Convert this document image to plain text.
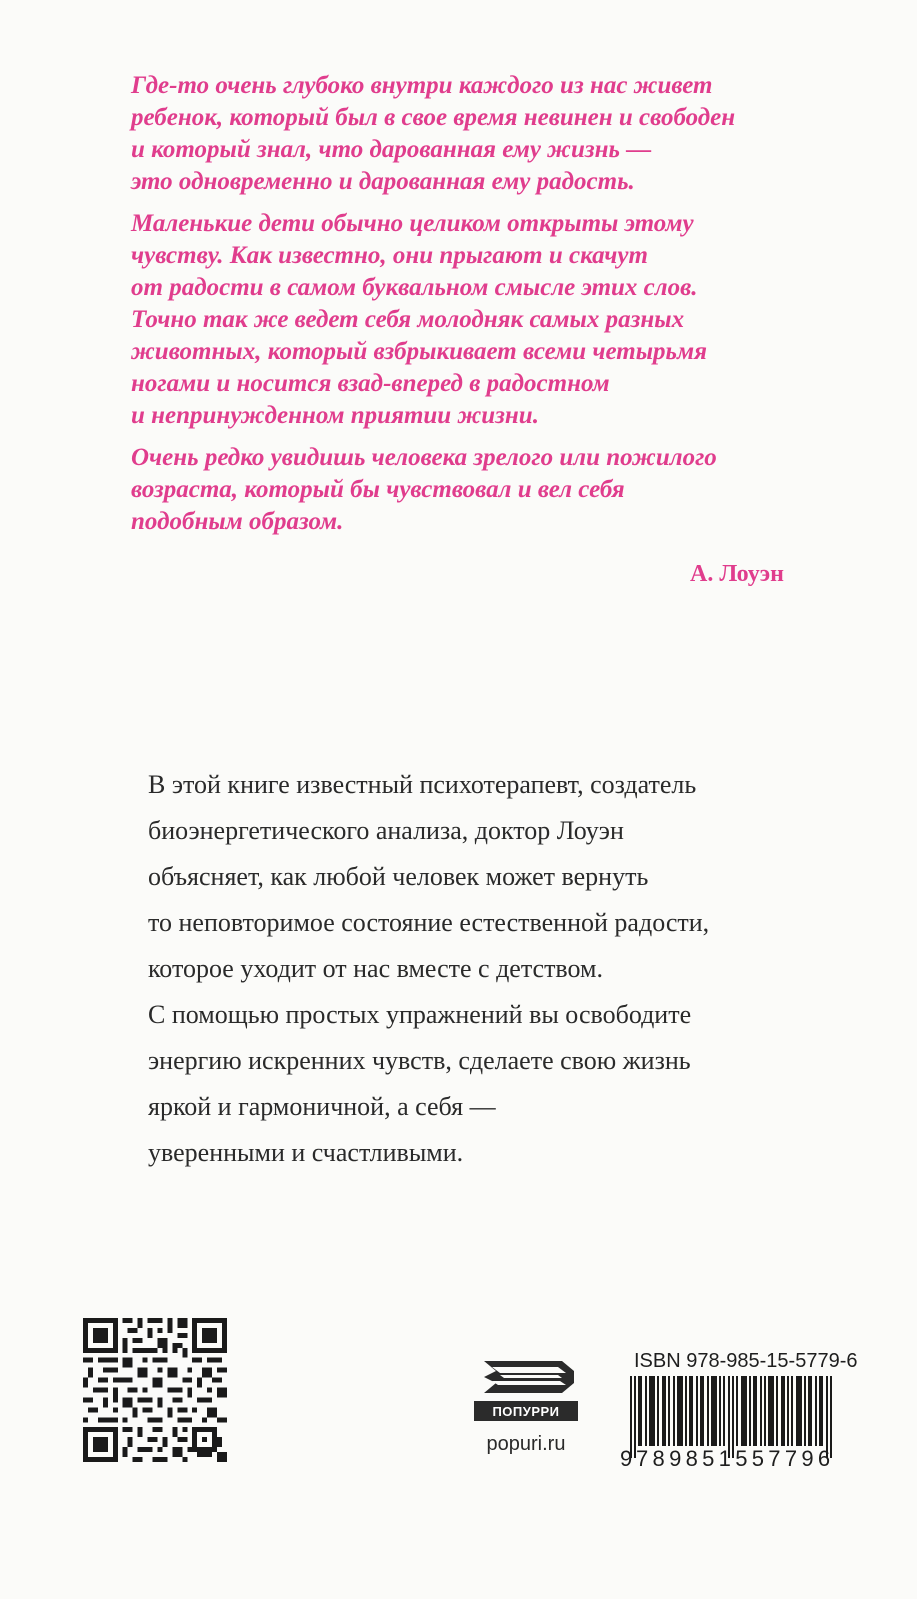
Где-то очень глубоко внутри каждого из нас живет
ребенок, который был в свое время невинен и свободен
и который знал, что дарованная ему жизнь —
это одновременно и дарованная ему радость.

Маленькие дети обычно целиком открыты этому
чувству. Как известно, они прыгают и скачут
от радости в самом буквальном смысле этих слов.
Точно так же ведет себя молодняк самых разных
животных, который взбрыкивает всеми четырьмя
ногами и носится взад-вперед в радостном
и непринужденном приятии жизни.

Очень редко увидишь человека зрелого или пожилого
возраста, который бы чувствовал и вел себя
подобным образом.

А. Лоуэн
В этой книге известный психотерапевт, создатель
биоэнергетического анализа, доктор Лоуэн
объясняет, как любой человек может вернуть
то неповторимое состояние естественной радости,
которое уходит от нас вместе с детством.
С помощью простых упражнений вы освободите
энергию искренних чувств, сделаете свою жизнь
яркой и гармоничной, а себя —
уверенными и счастливыми.
ПОПУРРИ
popuri.ru
ISBN 978-985-15-5779-6
9 789851557796
